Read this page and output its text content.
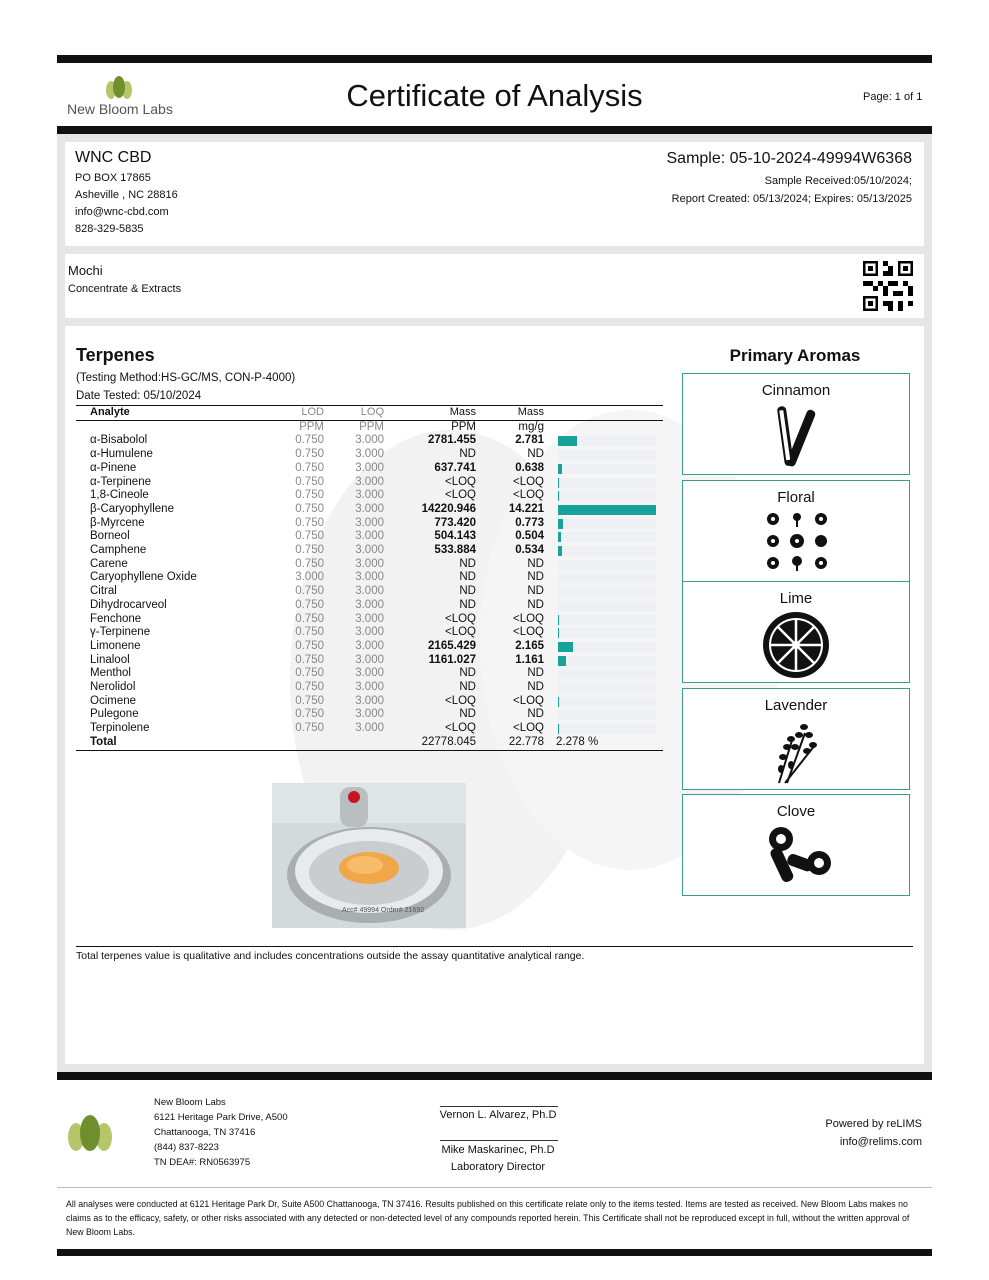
New Bloom Labs	Certificate of Analysis	Page: 1 of 1
WNC CBD
PO BOX 17865
Asheville , NC 28816
info@wnc-cbd.com
828-329-5835
Sample: 05-10-2024-49994W6368
Sample Received:05/10/2024;
Report Created: 05/13/2024; Expires: 05/13/2025
Mochi
Concentrate & Extracts
Terpenes
(Testing Method:HS-GC/MS, CON-P-4000)
Date Tested: 05/10/2024
Analyte	LOD	LOQ	Mass	Mass	
	PPM	PPM	PPM	mg/g	
α-Bisabolol	0.750	3.000	2781.455	2.781	

α-Humulene	0.750	3.000	ND	ND	

α-Pinene	0.750	3.000	637.741	0.638	

α-Terpinene	0.750	3.000	<LOQ	<LOQ	

1,8-Cineole	0.750	3.000	<LOQ	<LOQ	

β-Caryophyllene	0.750	3.000	14220.946	14.221	

β-Myrcene	0.750	3.000	773.420	0.773	

Borneol	0.750	3.000	504.143	0.504	

Camphene	0.750	3.000	533.884	0.534	

Carene	0.750	3.000	ND	ND	

Caryophyllene Oxide	3.000	3.000	ND	ND	

Citral	0.750	3.000	ND	ND	

Dihydrocarveol	0.750	3.000	ND	ND	

Fenchone	0.750	3.000	<LOQ	<LOQ	

γ-Terpinene	0.750	3.000	<LOQ	<LOQ	

Limonene	0.750	3.000	2165.429	2.165	

Linalool	0.750	3.000	1161.027	1.161	

Menthol	0.750	3.000	ND	ND	

Nerolidol	0.750	3.000	ND	ND	

Ocimene	0.750	3.000	<LOQ	<LOQ	

Pulegone	0.750	3.000	ND	ND	

Terpinolene	0.750	3.000	<LOQ	<LOQ	

Total			22778.045	22.778	2.278 %
Acc# 49994 Order# 21692
Total terpenes value is qualitative and includes concentrations outside the assay quantitative analytical range.
Primary Aromas
Cinnamon
Floral
Lime
Lavender
Clove
New Bloom Labs
6121 Heritage Park Drive, A500
Chattanooga, TN 37416
(844) 837-8223
TN DEA#: RN0563975
Vernon L. Alvarez, Ph.D
Mike Maskarinec, Ph.D
Laboratory Director
Powered by reLIMS
info@relims.com
All analyses were conducted at 6121 Heritage Park Dr, Suite A500 Chattanooga, TN 37416. Results published on this certificate relate only to the items tested. Items are tested as received. New Bloom Labs makes no claims as to the efficacy, safety, or other risks associated with any detected or non-detected level of any compounds reported herein. This Certificate shall not be reproduced except in full, without the written approval of New Bloom Labs.
